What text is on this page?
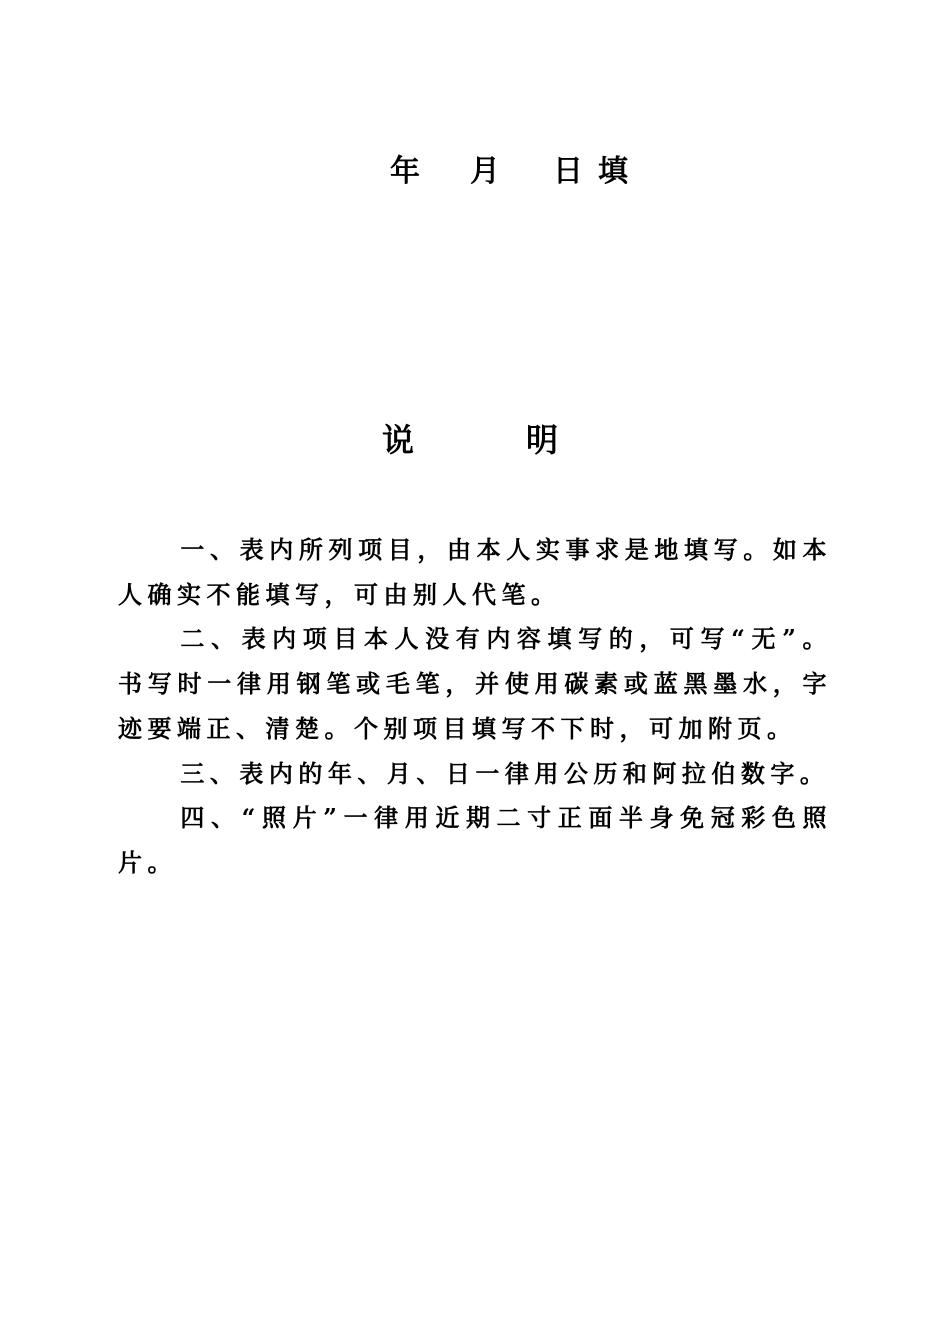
年 月 日 填
说	明

一、表内所列项目，由本人实事求是地填写。如本人确实不能填写，可由别人代笔。

二、表内项目本人没有内容填写的，可写“无”。书写时一律用钢笔或毛笔，并使用碳素或蓝黑墨水，字迹要端正、清楚。个别项目填写不下时，可加附页。

三、表内的年、月、日一律用公历和阿拉伯数字。

四、“照片”一律用近期二寸正面半身免冠彩色照片。
